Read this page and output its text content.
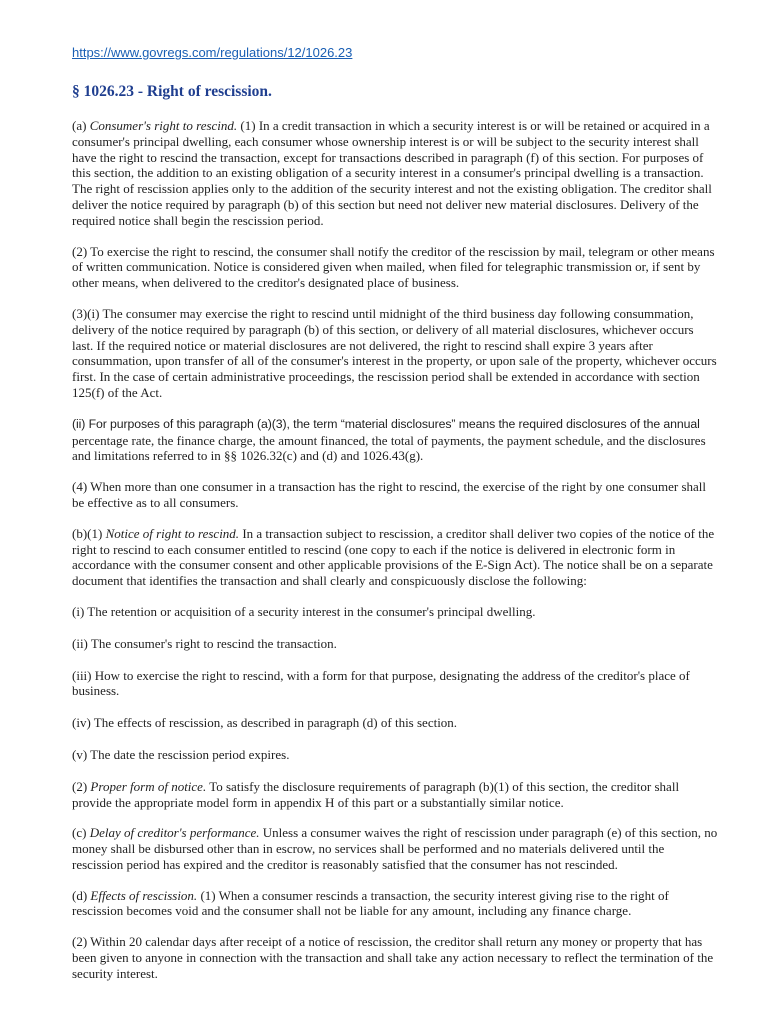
https://www.govregs.com/regulations/12/1026.23
§ 1026.23 - Right of rescission.

(a) Consumer's right to rescind. (1) In a credit transaction in which a security interest is or will be retained or acquired in a consumer's principal dwelling, each consumer whose ownership interest is or will be subject to the security interest shall have the right to rescind the transaction, except for transactions described in paragraph (f) of this section. For purposes of this section, the addition to an existing obligation of a security interest in a consumer's principal dwelling is a transaction. The right of rescission applies only to the addition of the security interest and not the existing obligation. The creditor shall deliver the notice required by paragraph (b) of this section but need not deliver new material disclosures. Delivery of the required notice shall begin the rescission period.

(2) To exercise the right to rescind, the consumer shall notify the creditor of the rescission by mail, telegram or other means of written communication. Notice is considered given when mailed, when filed for telegraphic transmission or, if sent by other means, when delivered to the creditor's designated place of business.

(3)(i) The consumer may exercise the right to rescind until midnight of the third business day following consummation, delivery of the notice required by paragraph (b) of this section, or delivery of all material disclosures, whichever occurs last. If the required notice or material disclosures are not delivered, the right to rescind shall expire 3 years after consummation, upon transfer of all of the consumer's interest in the property, or upon sale of the property, whichever occurs first. In the case of certain administrative proceedings, the rescission period shall be extended in accordance with section 125(f) of the Act.

(ii) For purposes of this paragraph (a)(3), the term “material disclosures” means the required disclosures of the annual percentage rate, the finance charge, the amount financed, the total of payments, the payment schedule, and the disclosures and limitations referred to in §§ 1026.32(c) and (d) and 1026.43(g).

(4) When more than one consumer in a transaction has the right to rescind, the exercise of the right by one consumer shall be effective as to all consumers.

(b)(1) Notice of right to rescind. In a transaction subject to rescission, a creditor shall deliver two copies of the notice of the right to rescind to each consumer entitled to rescind (one copy to each if the notice is delivered in electronic form in accordance with the consumer consent and other applicable provisions of the E-Sign Act). The notice shall be on a separate document that identifies the transaction and shall clearly and conspicuously disclose the following:

(i) The retention or acquisition of a security interest in the consumer's principal dwelling.

(ii) The consumer's right to rescind the transaction.

(iii) How to exercise the right to rescind, with a form for that purpose, designating the address of the creditor's place of business.

(iv) The effects of rescission, as described in paragraph (d) of this section.

(v) The date the rescission period expires.

(2) Proper form of notice. To satisfy the disclosure requirements of paragraph (b)(1) of this section, the creditor shall provide the appropriate model form in appendix H of this part or a substantially similar notice.

(c) Delay of creditor's performance. Unless a consumer waives the right of rescission under paragraph (e) of this section, no money shall be disbursed other than in escrow, no services shall be performed and no materials delivered until the rescission period has expired and the creditor is reasonably satisfied that the consumer has not rescinded.

(d) Effects of rescission. (1) When a consumer rescinds a transaction, the security interest giving rise to the right of rescission becomes void and the consumer shall not be liable for any amount, including any finance charge.

(2) Within 20 calendar days after receipt of a notice of rescission, the creditor shall return any money or property that has been given to anyone in connection with the transaction and shall take any action necessary to reflect the termination of the security interest.
